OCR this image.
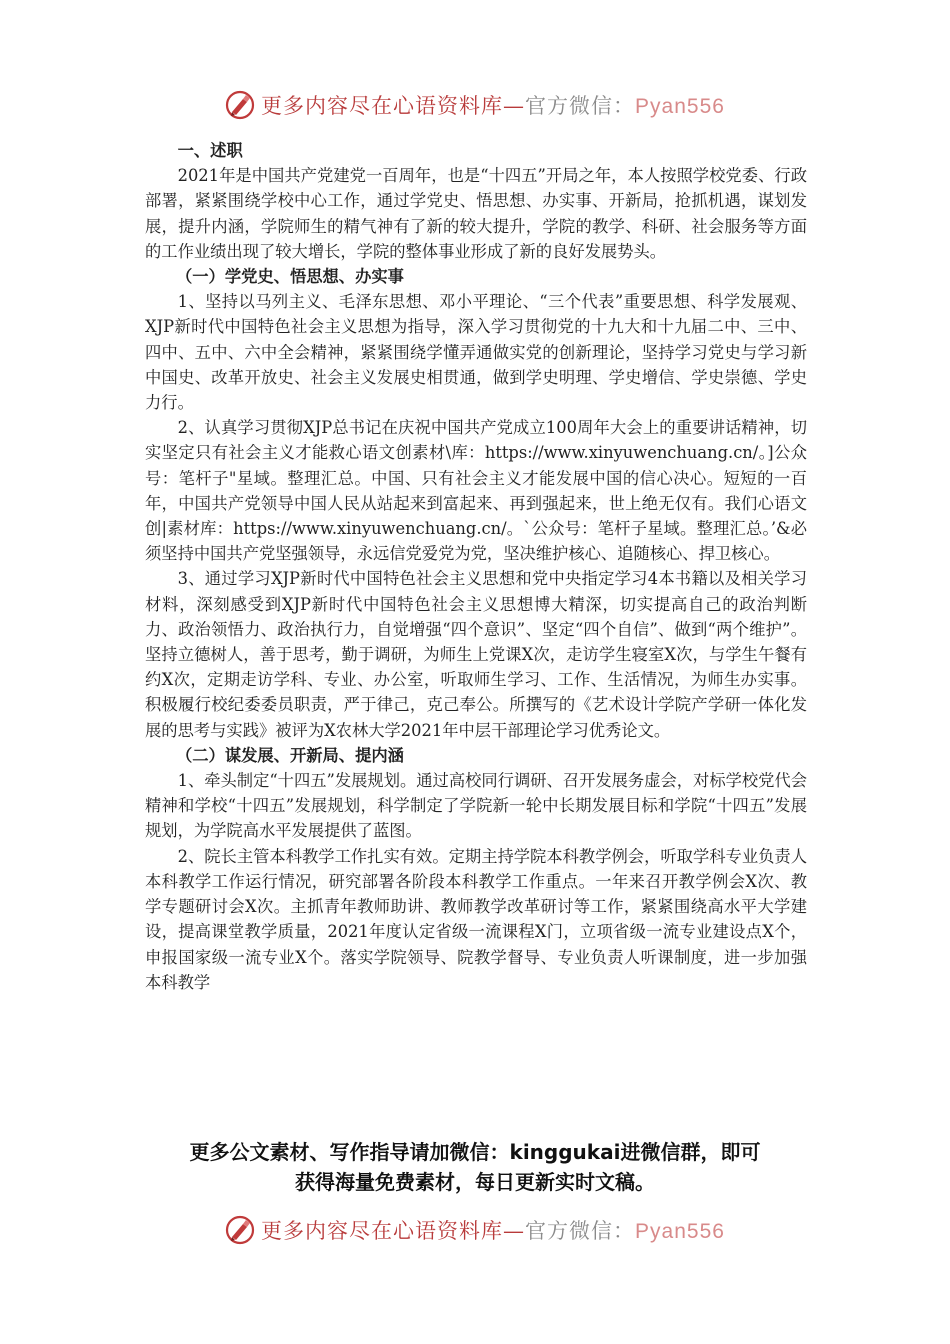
更多内容尽在心语资料库—官方微信：Pyan556
一、述职

2021年是中国共产党建党一百周年，也是“十四五”开局之年，本人按照学校党委、行政部署，紧紧围绕学校中心工作，通过学党史、悟思想、办实事、开新局，抢抓机遇，谋划发展，提升内涵，学院师生的精气神有了新的较大提升，学院的教学、科研、社会服务等方面的工作业绩出现了较大增长，学院的整体事业形成了新的良好发展势头。

（一）学党史、悟思想、办实事

1、坚持以马列主义、毛泽东思想、邓小平理论、“三个代表”重要思想、科学发展观、XJP新时代中国特色社会主义思想为指导，深入学习贯彻党的十九大和十九届二中、三中、四中、五中、六中全会精神，紧紧围绕学懂弄通做实党的创新理论，坚持学习党史与学习新中国史、改革开放史、社会主义发展史相贯通，做到学史明理、学史增信、学史崇德、学史力行。

2、认真学习贯彻XJP总书记在庆祝中国共产党成立100周年大会上的重要讲话精神，切实坚定只有社会主义才能救心语文创素材\库：https://www.xinyuwenchuang.cn/。]公众号：笔杆子"星域。整理汇总。中国、只有社会主义才能发展中国的信心决心。短短的一百年，中国共产党领导中国人民从站起来到富起来、再到强起来，世上绝无仅有。我们心语文创|素材库：https://www.xinyuwenchuang.cn/。`公众号：笔杆子星域。整理汇总。’&必须坚持中国共产党坚强领导，永远信党爱党为党，坚决维护核心、追随核心、捍卫核心。

3、通过学习XJP新时代中国特色社会主义思想和党中央指定学习4本书籍以及相关学习材料，深刻感受到XJP新时代中国特色社会主义思想博大精深，切实提高自己的政治判断力、政治领悟力、政治执行力，自觉增强“四个意识”、坚定“四个自信”、做到“两个维护”。坚持立德树人，善于思考，勤于调研，为师生上党课X次，走访学生寝室X次，与学生午餐有约X次，定期走访学科、专业、办公室，听取师生学习、工作、生活情况，为师生办实事。积极履行校纪委委员职责，严于律己，克己奉公。所撰写的《艺术设计学院产学研一体化发展的思考与实践》被评为X农林大学2021年中层干部理论学习优秀论文。

（二）谋发展、开新局、提内涵

1、牵头制定“十四五”发展规划。通过高校同行调研、召开发展务虚会，对标学校党代会精神和学校“十四五”发展规划，科学制定了学院新一轮中长期发展目标和学院“十四五”发展规划，为学院高水平发展提供了蓝图。

2、院长主管本科教学工作扎实有效。定期主持学院本科教学例会，听取学科专业负责人本科教学工作运行情况，研究部署各阶段本科教学工作重点。一年来召开教学例会X次、教学专题研讨会X次。主抓青年教师助讲、教师教学改革研讨等工作，紧紧围绕高水平大学建设，提高课堂教学质量，2021年度认定省级一流课程X门，立项省级一流专业建设点X个，申报国家级一流专业X个。落实学院领导、院教学督导、专业负责人听课制度，进一步加强本科教学

更多公文素材、写作指导请加微信：kinggukai进微信群，即可
获得海量免费素材，每日更新实时文稿。
更多内容尽在心语资料库—官方微信：Pyan556
